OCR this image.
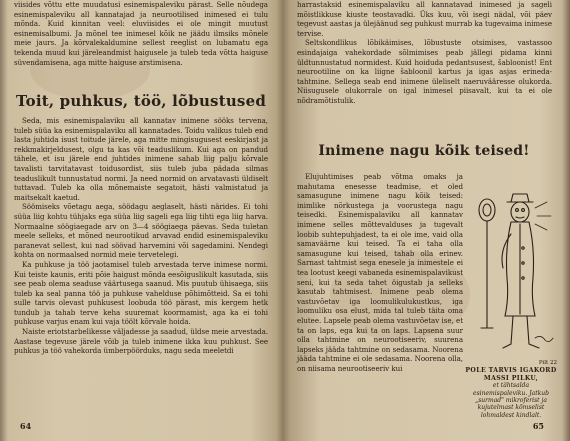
viisides võttu ette muudatusi esinemispaleviku pärast. Selle nõudega esinemispaleviku all kannatajad ja neurootilised inimesed ei tulu mõnda. Kuid kinnitan veel: eluviisides ei ole mingit muutust esinemisalbumi. Ja mõnel tee inimesel kõik ne jäädu ilmsiks mõnele meie jaurs. Ja kõrvalekaldumine sellest reeglist on lubamatu ega tekenda muud kui järeleandmist haigusele ja tuleb teda võtta haiguse süvendamisena, aga mitte haiguse arstimisena.

Toit, puhkus, töö, lõbustused

Seda, mis esinemispalaviku all kannatav inimene sööks tervena, tuleb süüa ka esinemispalaviku all kannatades. Toidu valikus tuleb end lasta juhtida isust toitude järele, aga mitte mingisugusest eeskirjast ja rekkmakirjeldusest, olgu ta kas või teaduslikum. Kui aga on pandud tähele, et isu järele end juhtides inimene sahab liig palju kõrvale tavalisti tarvitatavast toidusordist, siis tuleb juba pädada silmas teaduslikult tunnustatud normi. Ja need normid on arvatavasti üldiselt tuttavad. Tuleb ka olla mõnemaiste segatoit, hästi valmistatud ja maitsekalt kaetud.

Söömiseks võetagu aega, söödagu aeglaselt, hästi närides. Ei tohi süüa liig kohtu tühjaks ega süüa liig sageli ega liig tihti ega liig harva. Normaalne söögiaegade arv on 3—4 söögiaega päevas. Seda tuletan meele selleks, et mõned neurootikud arvavad endid esinemispaleviku paranevat sellest, kui nad söövad harvemini või sagedamini. Nendegi kohta on normaalsed normid meie tervetelegi.

Ka puhkuse ja töö jaotamisel tuleb arvestada terve inimese normi. Kui teiste kaunis, eriti põie haigust mõnda eesõiguslikult kasutada, siis see peab olema seaduse väärtusega saanud. Mis puutub ühisaega, siis tuleb ka seal panna töö ja puhkuse vahelduse põhimõtteid. Sa ei tohi sulle tarvis olevast puhkusest loobuda töö pärast, mis kergem hetk tundub ja tahab terve keha suuremat koormamist, aga ka ei tohi puhkuse varjus enam kui vaja töölt kõrvale hoida.

Naiste eriotstarbelikesse väljadesse ja saadud, üldse meie arvestada. Aastase tegevuse järele võib ja tuleb inimene ikka kuu puhkust. See puhkus ja töö vahekorda ümberpöörduks, nagu seda meeletdi

64

harrastaksid esinemispalaviku all kannatavad inimesed ja sageli mõistlikkuse kiuste teostavadki. Üks kuu, või isegi nädal, või päev tegevust aastas ja ülejäänud seg puhkust murrab ka tugevaima inimese tervise.

Seltskondlikus lõbikäimises, lõbustuste otsimises, vastassoo esindajaiga vahekordade sõlmimises peab jällegi pidama kinni üldtunnustatud normidest. Kuid hoiduda pedantsusest, šabloonist! Ent neurootiline on ka liigne šabloonil kartus ja igas asjas erineda-tahtmine. Sellega seab end inimene üleliselt naeruvääresse olukorda. Niisugusele olukorrale on igal inimesel piisavalt, kui ta ei ole nõdramõtistulik.

Inimene nagu kõik teised!

Elujuhtimises peab võtma omaks ja mahutama enesesse teadmise, et oled samasugune inimene nagu kõik teised: inimlike nõrkustega ja voorustega nagu teisedki. Esinemispalaviku all kannatav inimene selles mõttevalduses ja tugevalt loobib suhtepuhjadest, ta ei ole ime, vaid olla samaväärne kui teised. Ta ei taha olla samasugune kui teised, tahab olla erinev. Sarnast tahtmist sega enesele ja inimestele ei tea lootust keegi vabaneda esinemispalavikust seni, kui ta seda tahet öigustab ja selleks kasutab tahtmisest. Inimene peab olema vastuvõetav iga loomulikulukustkus, iga loomuliku osa elust, mida tal tuleb täita oma elutee. Lapsele peab olema vastuvõetav ise, et ta on laps, ega kui ta on laps. Lapsena suur olla tahtmine on neurootiseeriv, suurena lapseks jääda tahtmine on sedasama. Noorena jääda tahtmine ei ole sedasama. Noorena olla, on niisama neurootiseeriv kui

Pilt 22
POLE TARVIS IGAKORD
MASSI PILKU,
et tähtsalda esinemispaleviku. Jatkub „surmad" mikroferist ja kujutelmast kõmselist lohmaldest kindlalt.
65
